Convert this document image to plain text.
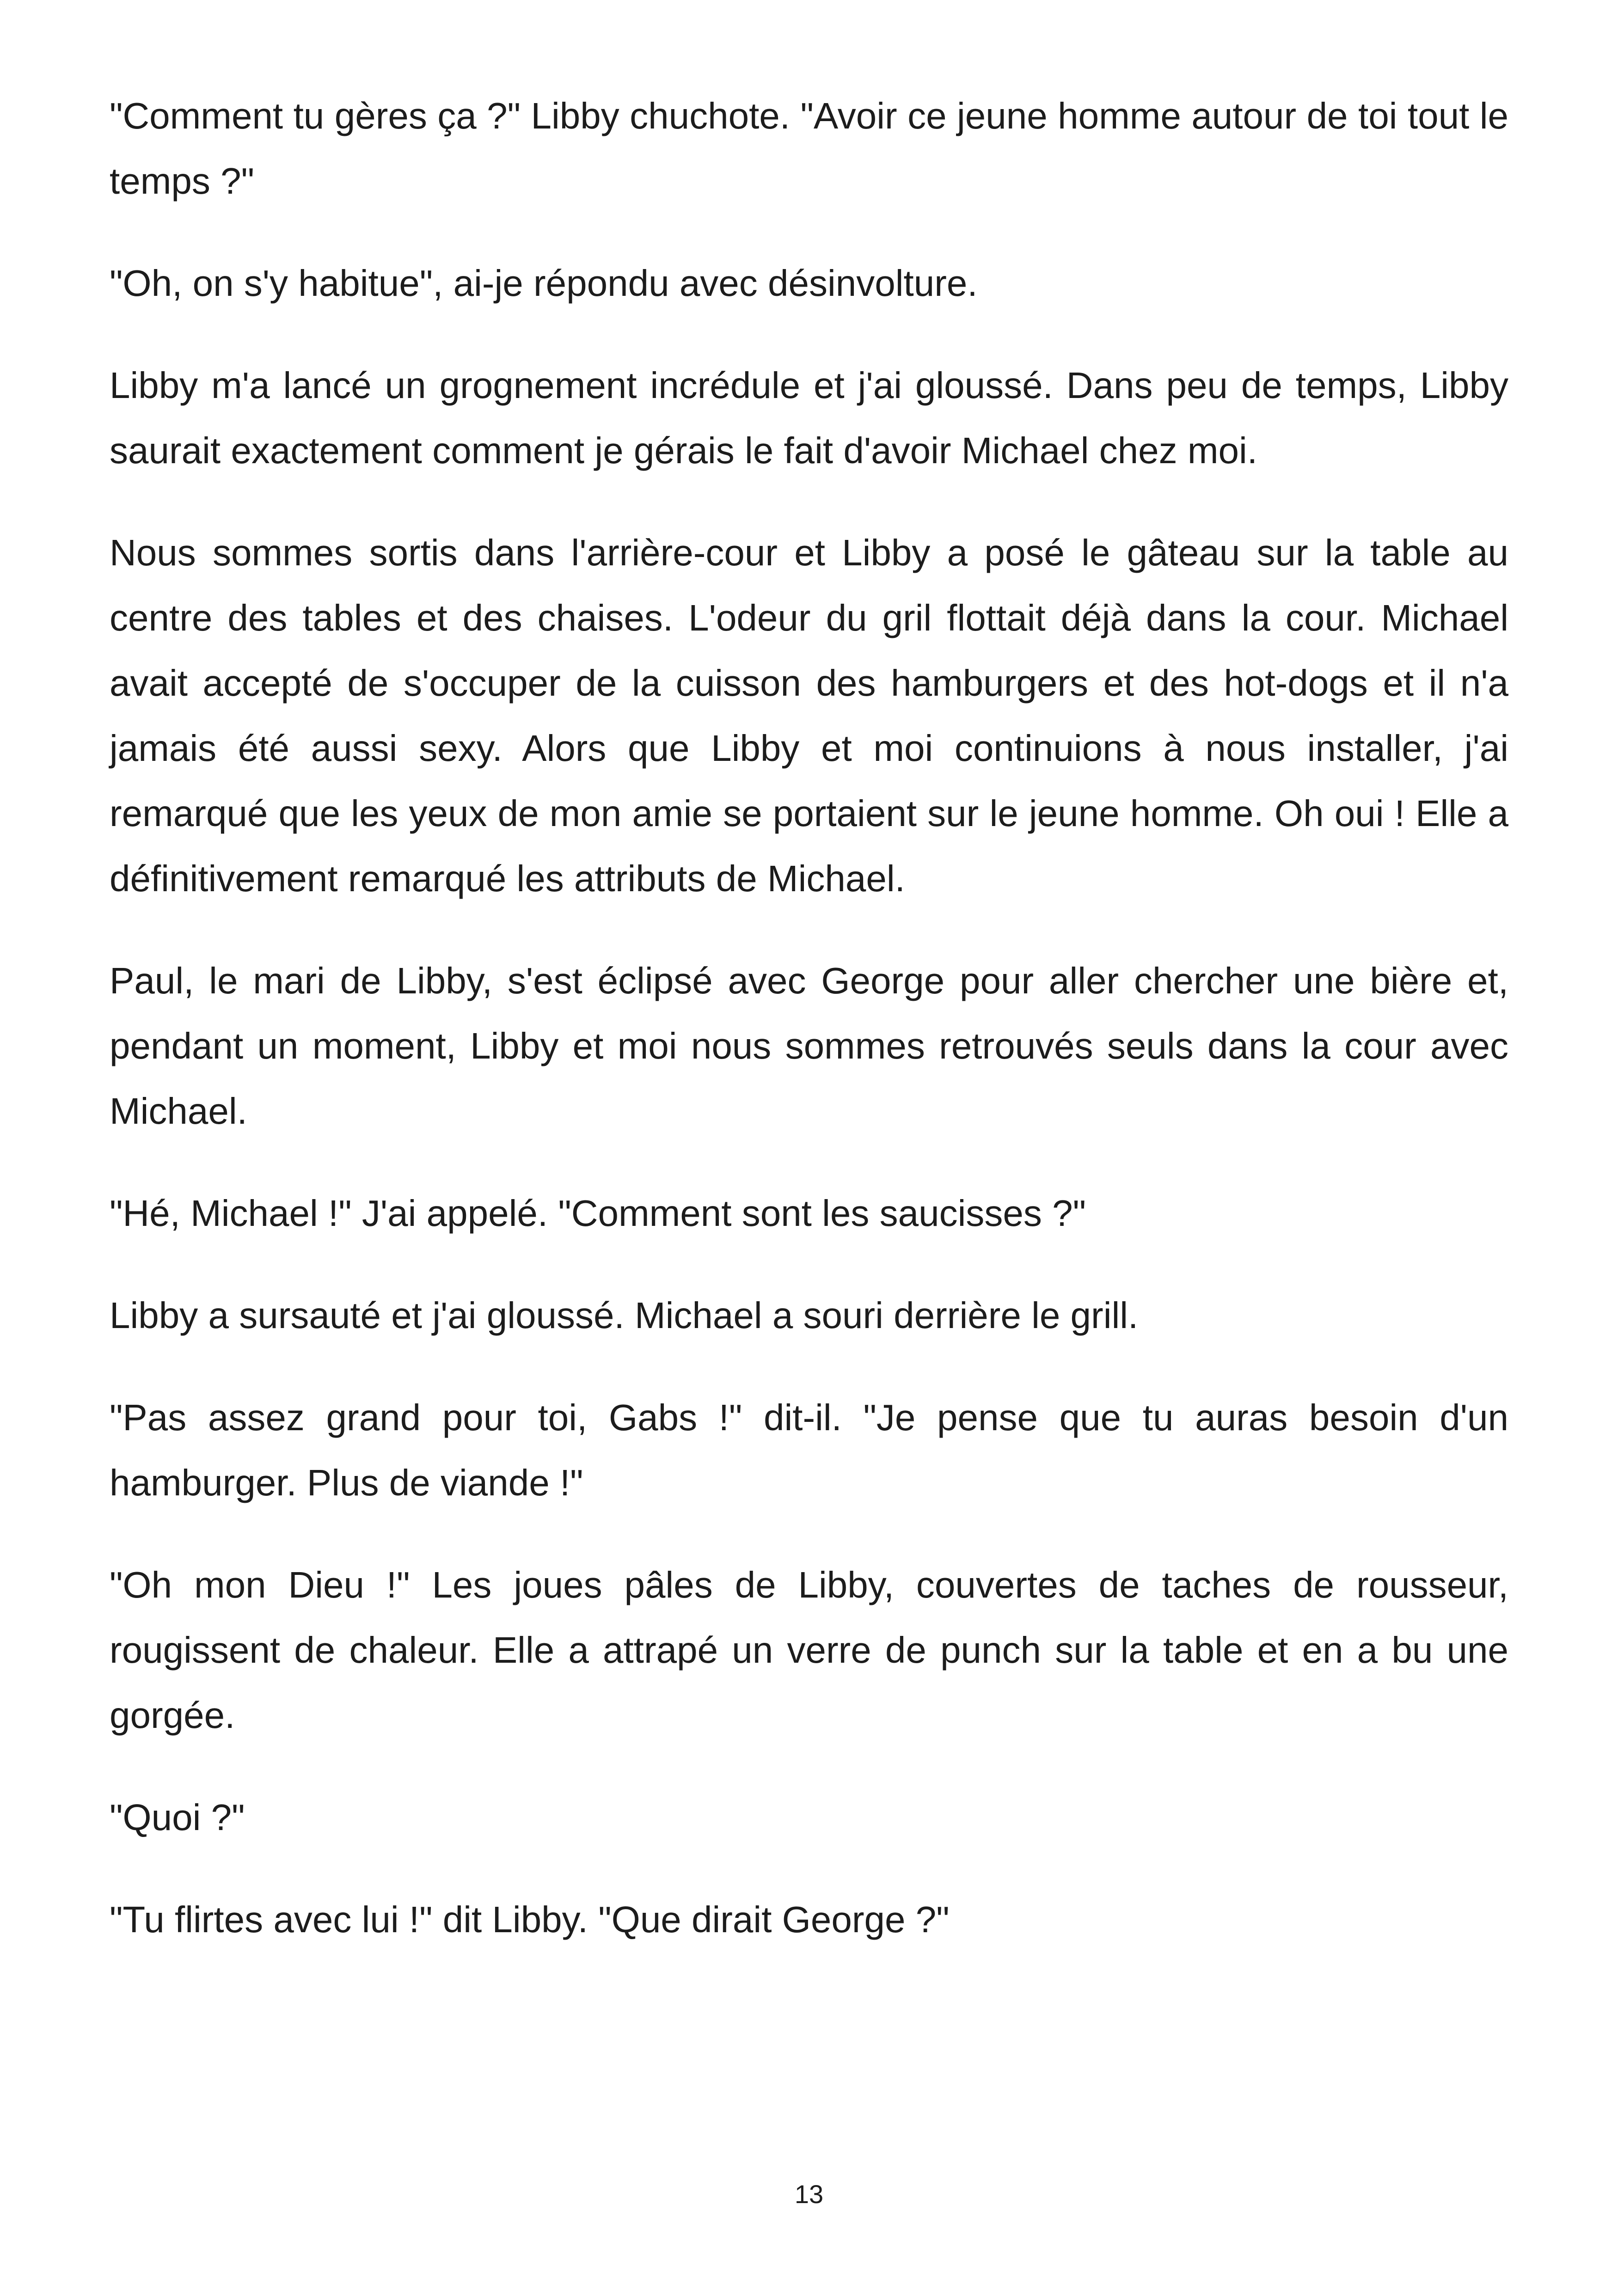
"Comment tu gères ça ?" Libby chuchote. "Avoir ce jeune homme autour de toi tout le temps ?"

"Oh, on s'y habitue", ai-je répondu avec désinvolture.

Libby m'a lancé un grognement incrédule et j'ai gloussé. Dans peu de temps, Libby saurait exactement comment je gérais le fait d'avoir Michael chez moi.

Nous sommes sortis dans l'arrière-cour et Libby a posé le gâteau sur la table au centre des tables et des chaises. L'odeur du gril flottait déjà dans la cour. Michael avait accepté de s'occuper de la cuisson des hamburgers et des hot-dogs et il n'a jamais été aussi sexy. Alors que Libby et moi continuions à nous installer, j'ai remarqué que les yeux de mon amie se portaient sur le jeune homme. Oh oui ! Elle a définitivement remarqué les attributs de Michael.

Paul, le mari de Libby, s'est éclipsé avec George pour aller chercher une bière et, pendant un moment, Libby et moi nous sommes retrouvés seuls dans la cour avec Michael.

"Hé, Michael !" J'ai appelé. "Comment sont les saucisses ?"

Libby a sursauté et j'ai gloussé. Michael a souri derrière le grill.

"Pas assez grand pour toi, Gabs !" dit-il. "Je pense que tu auras besoin d'un hamburger. Plus de viande !"

"Oh mon Dieu !" Les joues pâles de Libby, couvertes de taches de rousseur, rougissent de chaleur. Elle a attrapé un verre de punch sur la table et en a bu une gorgée.

"Quoi ?"

"Tu flirtes avec lui !" dit Libby. "Que dirait George ?"

13
